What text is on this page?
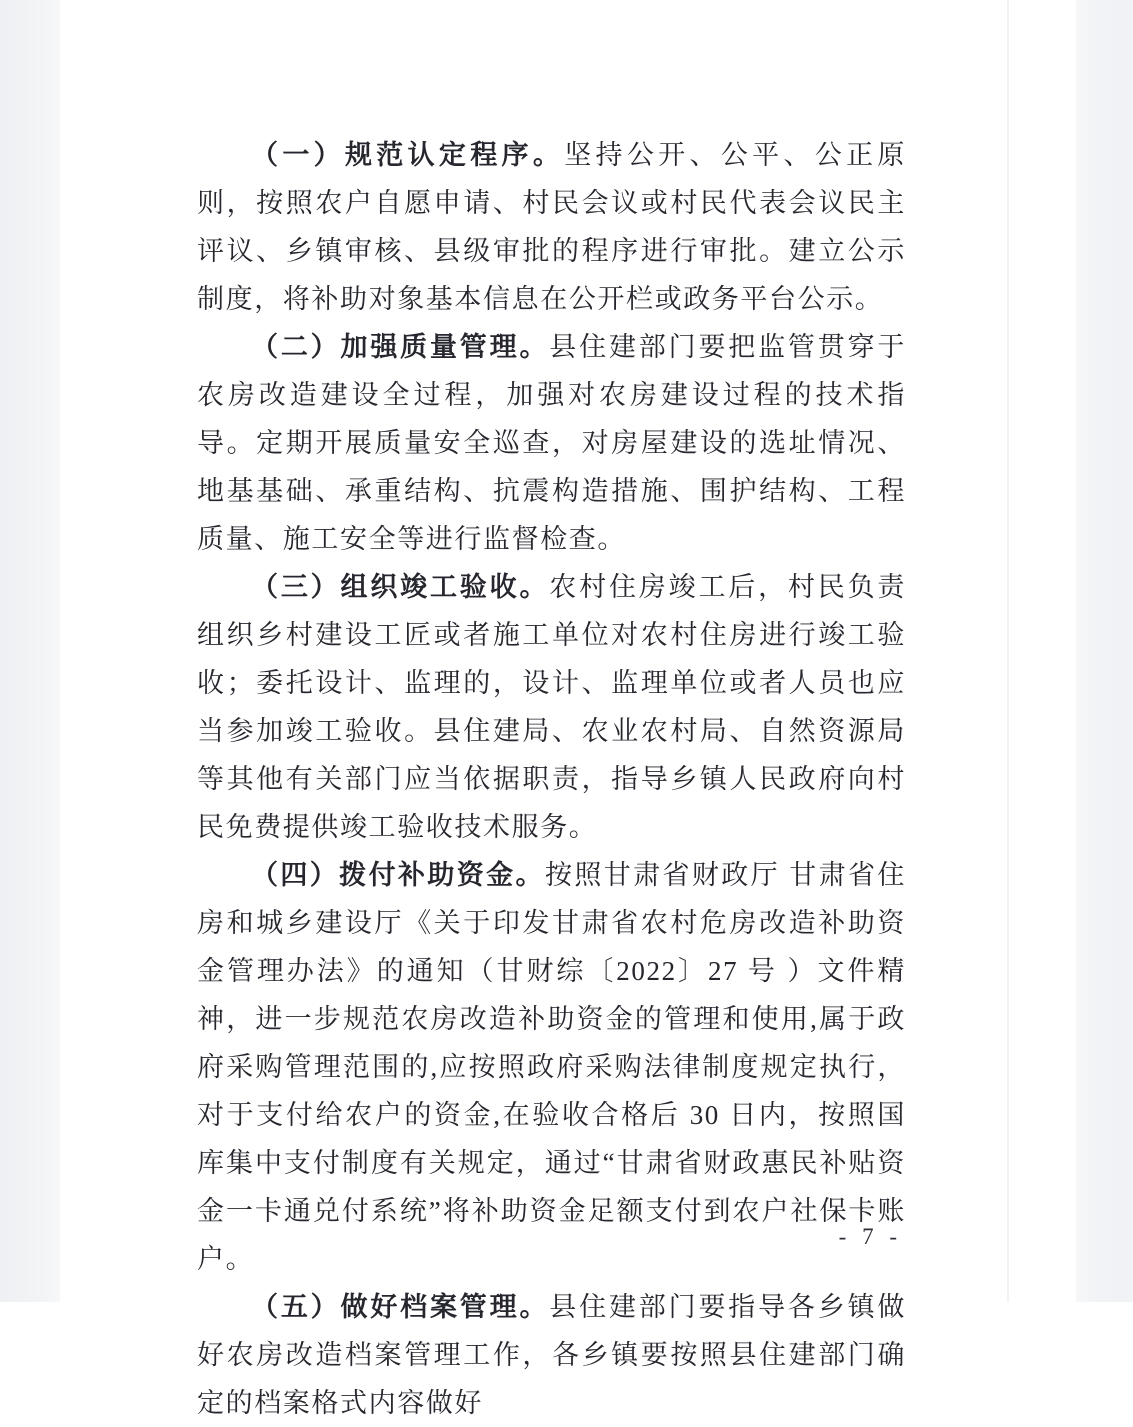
（一）规范认定程序。坚持公开、公平、公正原则，按照农户自愿申请、村民会议或村民代表会议民主评议、乡镇审核、县级审批的程序进行审批。建立公示制度，将补助对象基本信息在公开栏或政务平台公示。

（二）加强质量管理。县住建部门要把监管贯穿于农房改造建设全过程，加强对农房建设过程的技术指导。定期开展质量安全巡查，对房屋建设的选址情况、地基基础、承重结构、抗震构造措施、围护结构、工程质量、施工安全等进行监督检查。

（三）组织竣工验收。农村住房竣工后，村民负责组织乡村建设工匠或者施工单位对农村住房进行竣工验收；委托设计、监理的，设计、监理单位或者人员也应当参加竣工验收。县住建局、农业农村局、自然资源局等其他有关部门应当依据职责，指导乡镇人民政府向村民免费提供竣工验收技术服务。

（四）拨付补助资金。按照甘肃省财政厅 甘肃省住房和城乡建设厅《关于印发甘肃省农村危房改造补助资金管理办法》的通知（甘财综〔2022〕27 号 ）文件精神，进一步规范农房改造补助资金的管理和使用,属于政府采购管理范围的,应按照政府采购法律制度规定执行，对于支付给农户的资金,在验收合格后 30 日内，按照国库集中支付制度有关规定，通过“甘肃省财政惠民补贴资金一卡通兑付系统”将补助资金足额支付到农户社保卡账户。

（五）做好档案管理。县住建部门要指导各乡镇做好农房改造档案管理工作，各乡镇要按照县住建部门确定的档案格式内容做好

- 7 -
